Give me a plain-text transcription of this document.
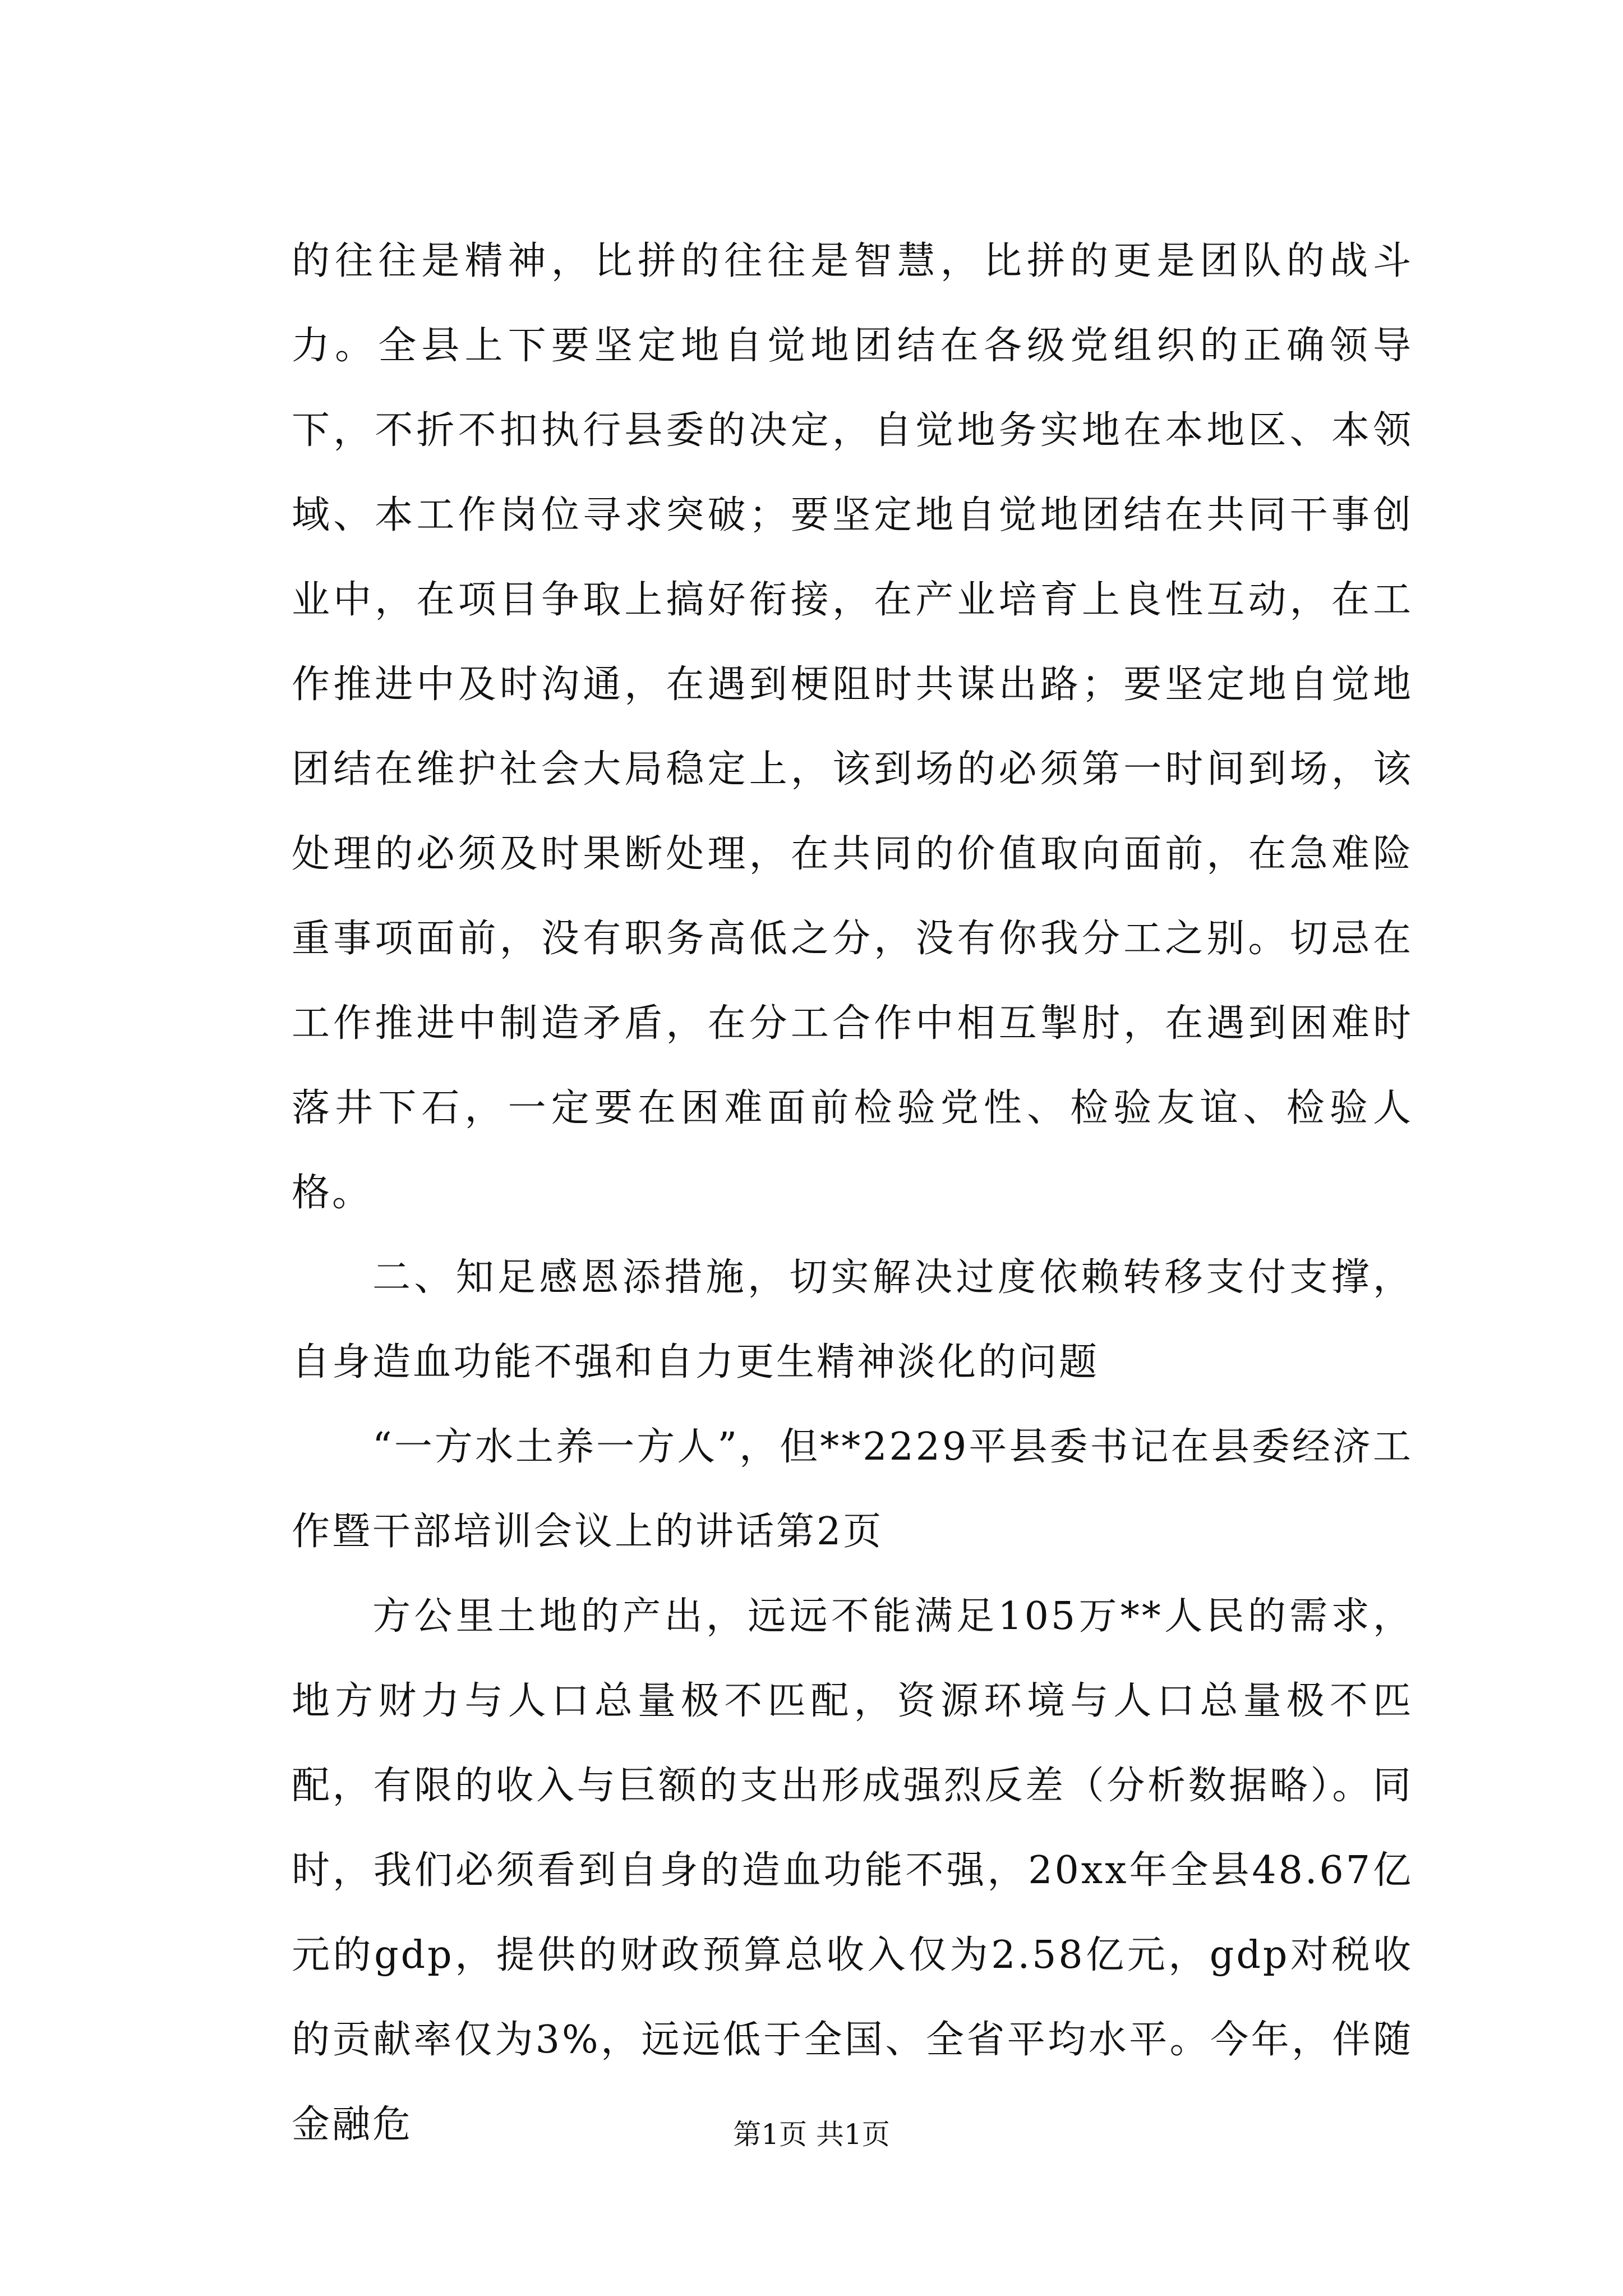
的往往是精神，比拼的往往是智慧，比拼的更是团队的战斗力。全县上下要坚定地自觉地团结在各级党组织的正确领导下，不折不扣执行县委的决定，自觉地务实地在本地区、本领域、本工作岗位寻求突破；要坚定地自觉地团结在共同干事创业中，在项目争取上搞好衔接，在产业培育上良性互动，在工作推进中及时沟通，在遇到梗阻时共谋出路；要坚定地自觉地团结在维护社会大局稳定上，该到场的必须第一时间到场，该处理的必须及时果断处理，在共同的价值取向面前，在急难险重事项面前，没有职务高低之分，没有你我分工之别。切忌在工作推进中制造矛盾，在分工合作中相互掣肘，在遇到困难时落井下石，一定要在困难面前检验党性、检验友谊、检验人格。

二、知足感恩添措施，切实解决过度依赖转移支付支撑，自身造血功能不强和自力更生精神淡化的问题

“一方水土养一方人”，但**2229平县委书记在县委经济工作暨干部培训会议上的讲话第2页

方公里土地的产出，远远不能满足105万**人民的需求，地方财力与人口总量极不匹配，资源环境与人口总量极不匹配，有限的收入与巨额的支出形成强烈反差（分析数据略）。同时，我们必须看到自身的造血功能不强，20xx年全县48.67亿元的gdp，提供的财政预算总收入仅为2.58亿元，gdp对税收的贡献率仅为3%，远远低于全国、全省平均水平。今年，伴随金融危	第1页 共1页
